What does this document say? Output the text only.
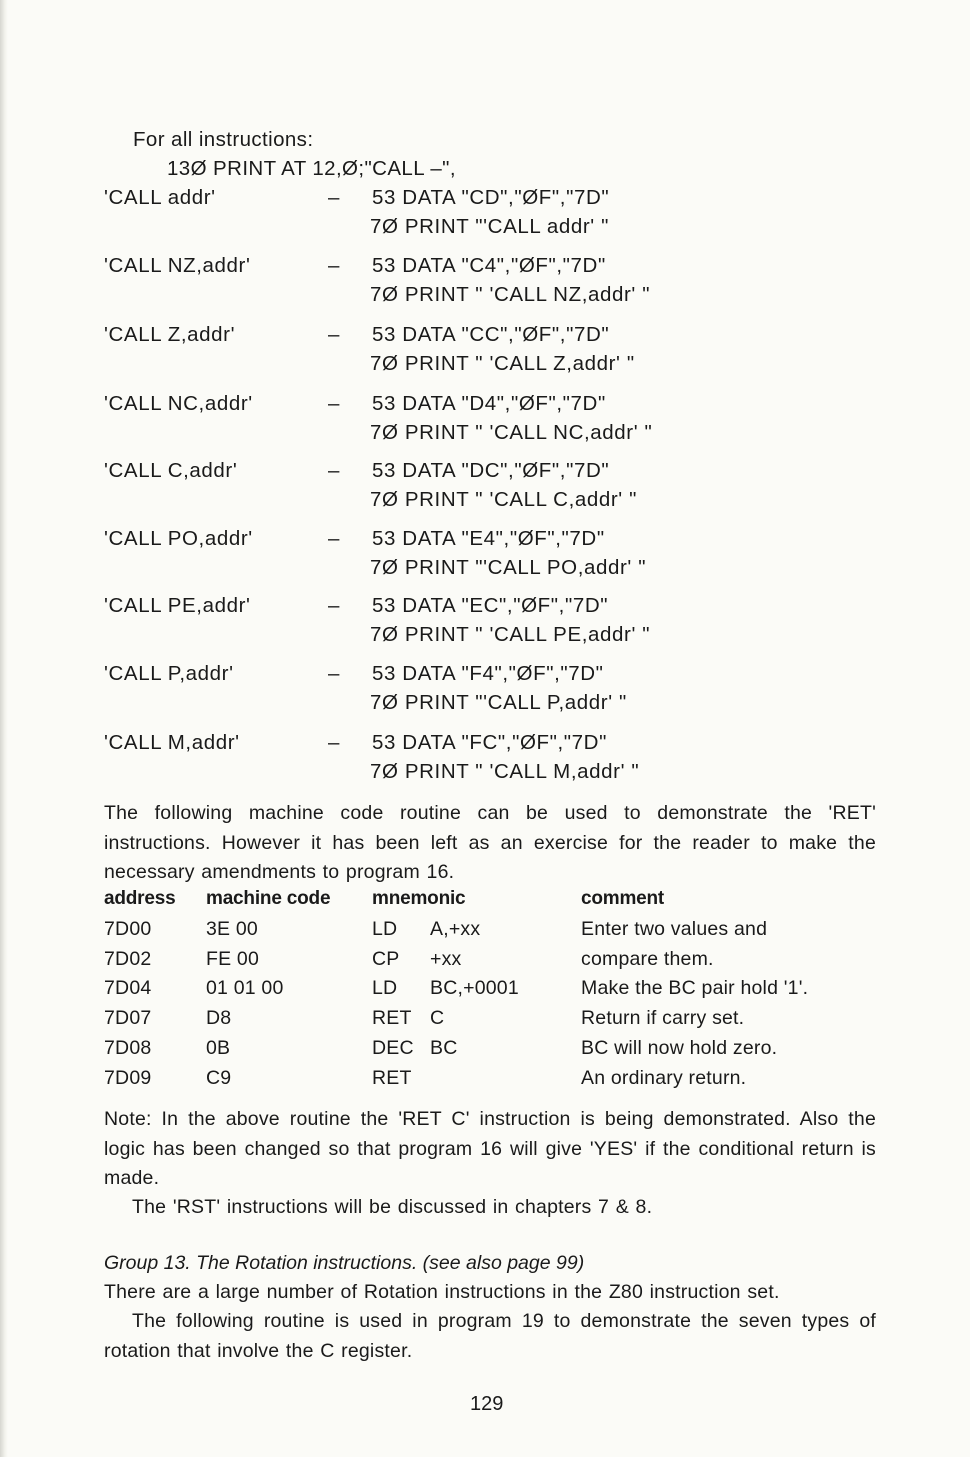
For all instructions:
13Ø PRINT AT 12,Ø;"CALL –",
'CALL addr'	– 53 DATA "CD","ØF","7D"
7Ø PRINT "'CALL addr' "
'CALL NZ,addr'	– 53 DATA "C4","ØF","7D"
7Ø PRINT " 'CALL NZ,addr' "
'CALL Z,addr'	– 53 DATA "CC","ØF","7D"
7Ø PRINT " 'CALL Z,addr' "
'CALL NC,addr'	– 53 DATA "D4","ØF","7D"
7Ø PRINT " 'CALL NC,addr' "
'CALL C,addr'	– 53 DATA "DC","ØF","7D"
7Ø PRINT " 'CALL C,addr' "
'CALL PO,addr'	– 53 DATA "E4","ØF","7D"
7Ø PRINT "'CALL PO,addr' "
'CALL PE,addr'	– 53 DATA "EC","ØF","7D"
7Ø PRINT " 'CALL PE,addr' "
'CALL P,addr'	– 53 DATA "F4","ØF","7D"
7Ø PRINT "'CALL P,addr' "
'CALL M,addr'	– 53 DATA "FC","ØF","7D"
7Ø PRINT " 'CALL M,addr' "

The following machine code routine can be used to demonstrate the 'RET' instructions. However it has been left as an exercise for the reader to make the necessary amendments to program 16.

address	machine code	mnemonic	comment
7D00	3E 00	LD A,+xx	Enter two values and
7D02	FE 00	CP +xx	compare them.
7D04	01 01 00	LD BC,+0001	Make the BC pair hold '1'.
7D07	D8	RET C	Return if carry set.
7D08	0B	DEC BC	BC will now hold zero.
7D09	C9	RET	An ordinary return.

Note: In the above routine the 'RET C' instruction is being demonstrated. Also the logic has been changed so that program 16 will give 'YES' if the conditional return is made.

The 'RST' instructions will be discussed in chapters 7 & 8.

Group 13. The Rotation instructions. (see also page 99)

There are a large number of Rotation instructions in the Z80 instruction set.

The following routine is used in program 19 to demonstrate the seven types of rotation that involve the C register.

129
